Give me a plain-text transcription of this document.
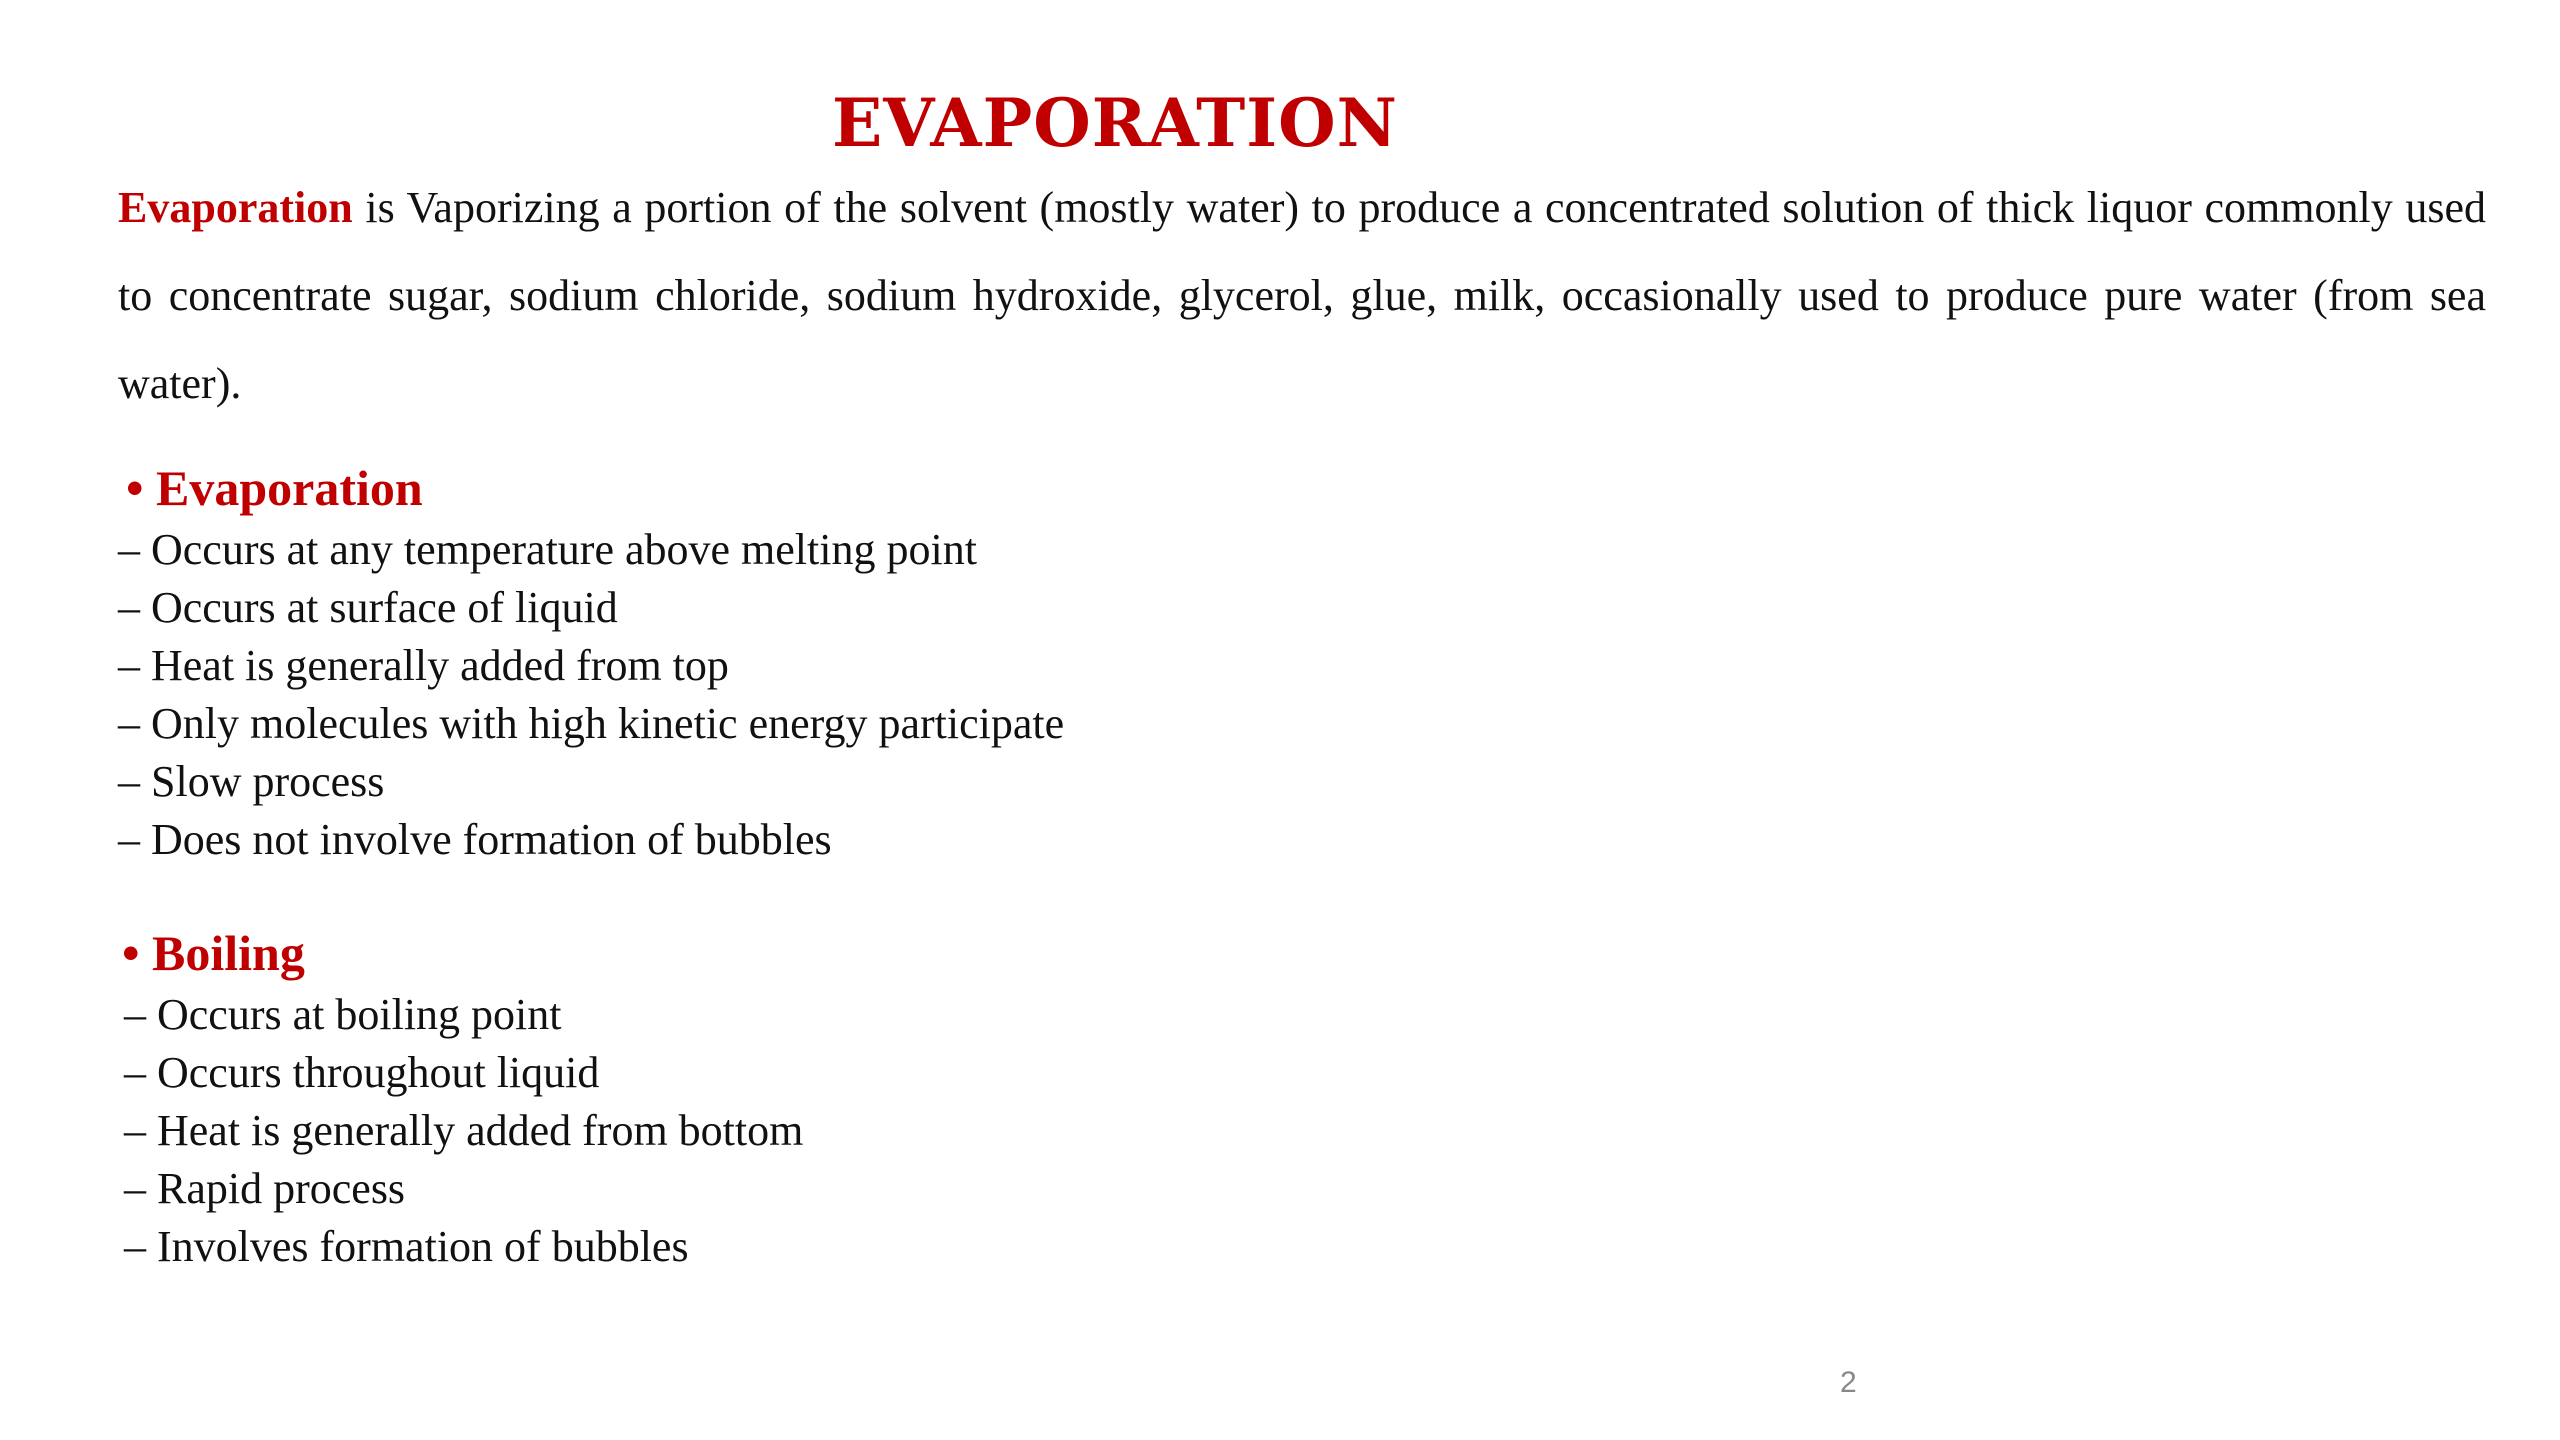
EVAPORATION

Evaporation is Vaporizing a portion of the solvent (mostly water) to produce a concentrated solution of thick liquor commonly used to concentrate sugar, sodium chloride, sodium hydroxide, glycerol, glue, milk, occasionally used to produce pure water (from sea water).

• Evaporation
– Occurs at any temperature above melting point
– Occurs at surface of liquid
– Heat is generally added from top
– Only molecules with high kinetic energy participate
– Slow process
– Does not involve formation of bubbles
• Boiling
– Occurs at boiling point
– Occurs throughout liquid
– Heat is generally added from bottom
– Rapid process
– Involves formation of bubbles
2
